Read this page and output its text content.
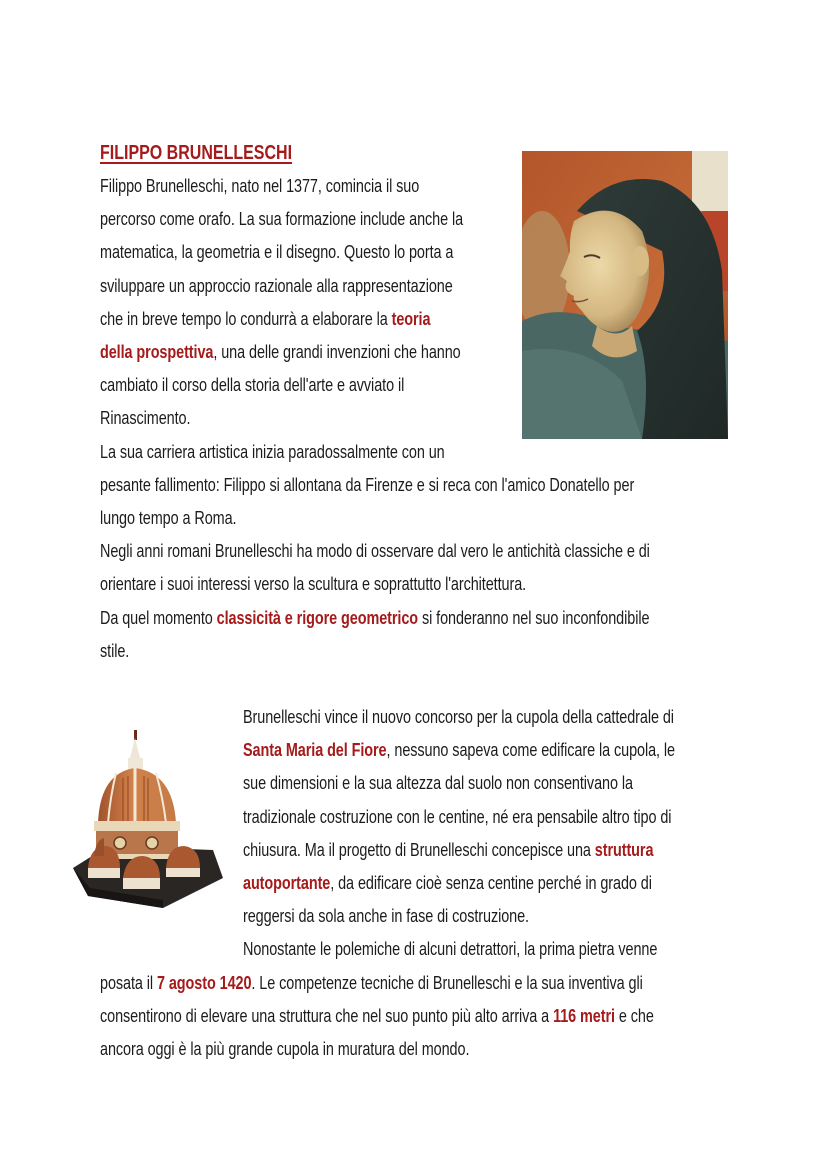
FILIPPO BRUNELLESCHI
Filippo Brunelleschi, nato nel 1377, comincia il suo
percorso come orafo. La sua formazione include anche la
matematica, la geometria e il disegno. Questo lo porta a
sviluppare un approccio razionale alla rappresentazione
che in breve tempo lo condurrà a elaborare la teoria
della prospettiva, una delle grandi invenzioni che hanno
cambiato il corso della storia dell'arte e avviato il
Rinascimento.
La sua carriera artistica inizia paradossalmente con un
pesante fallimento: Filippo si allontana da Firenze e si reca con l'amico Donatello per
lungo tempo a Roma.
Negli anni romani Brunelleschi ha modo di osservare dal vero le antichità classiche e di
orientare i suoi interessi verso la scultura e soprattutto l'architettura.
Da quel momento classicità e rigore geometrico si fonderanno nel suo inconfondibile
stile.
Brunelleschi vince il nuovo concorso per la cupola della cattedrale di
Santa Maria del Fiore, nessuno sapeva come edificare la cupola, le
sue dimensioni e la sua altezza dal suolo non consentivano la
tradizionale costruzione con le centine, né era pensabile altro tipo di
chiusura. Ma il progetto di Brunelleschi concepisce una struttura
autoportante, da edificare cioè senza centine perché in grado di
reggersi da sola anche in fase di costruzione.
Nonostante le polemiche di alcuni detrattori, la prima pietra venne
posata il 7 agosto 1420. Le competenze tecniche di Brunelleschi e la sua inventiva gli
consentirono di elevare una struttura che nel suo punto più alto arriva a 116 metri e che
ancora oggi è la più grande cupola in muratura del mondo.
